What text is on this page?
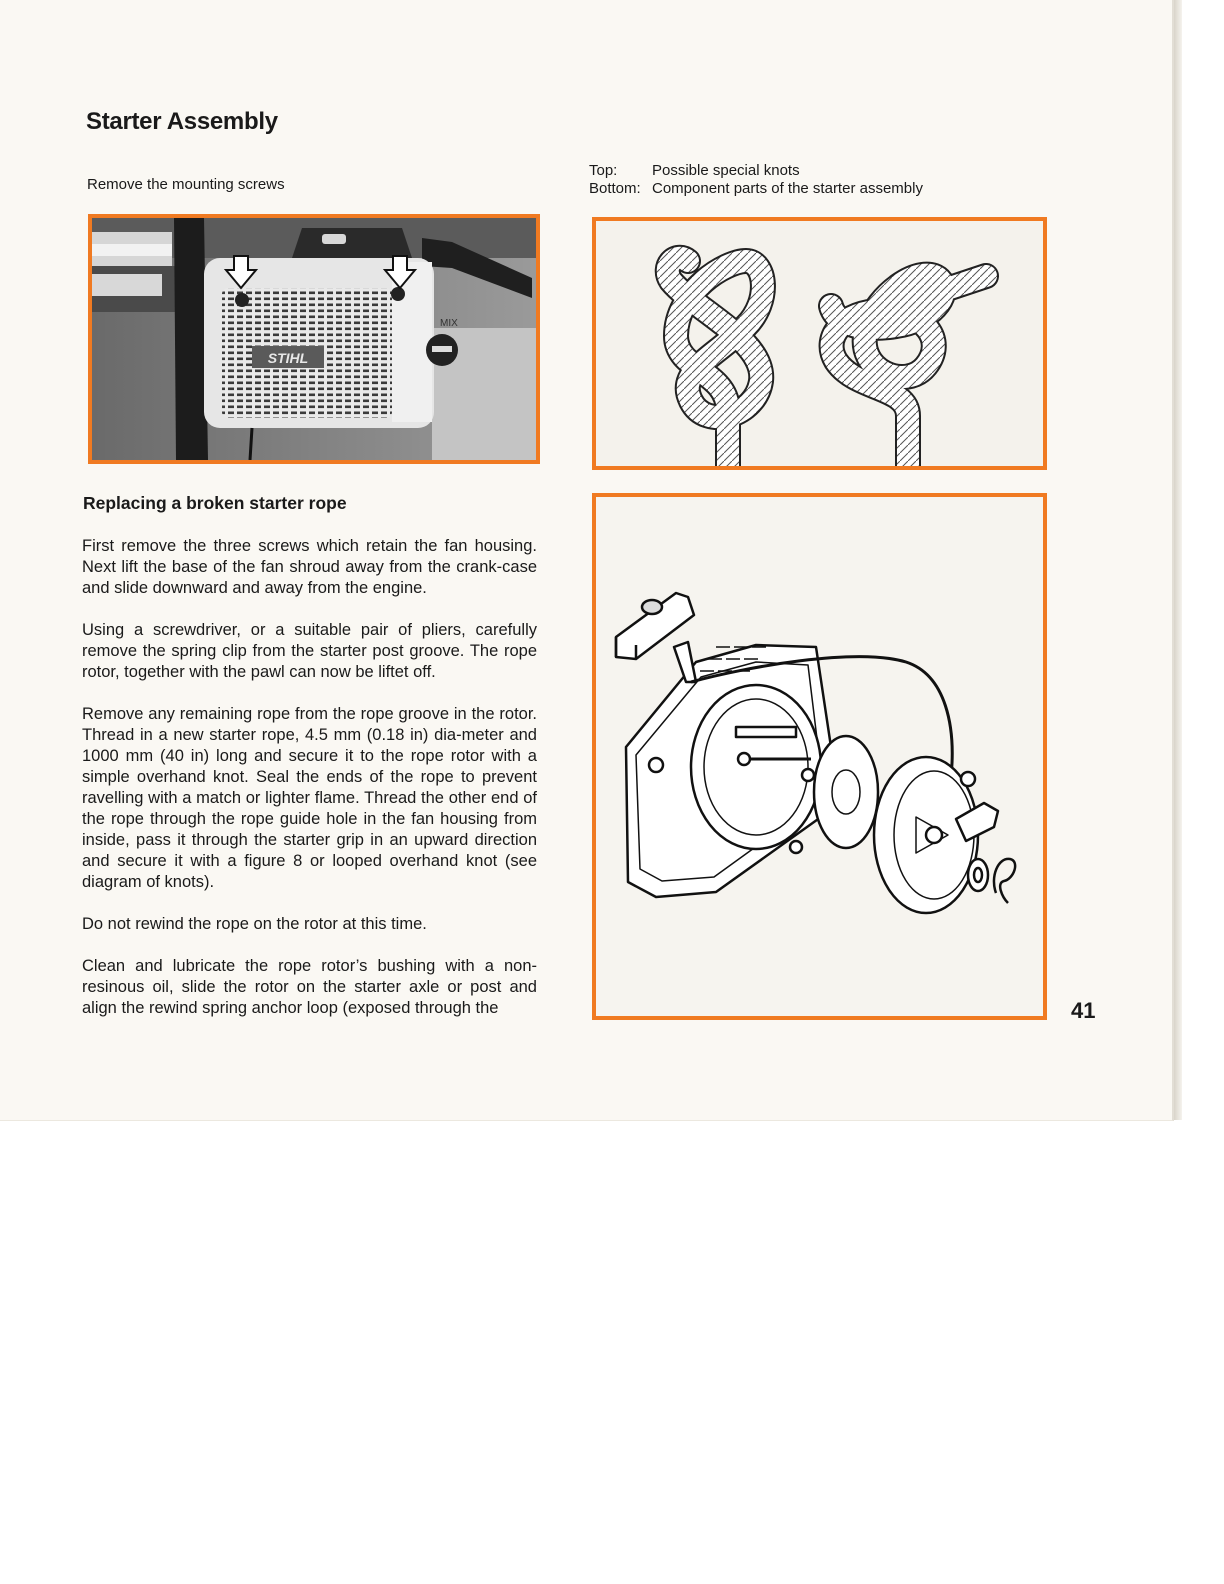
Starter Assembly

Remove the mounting screws

Top:	Possible special knots
Bottom: Component parts of the starter assembly
STIHL
MIX
Replacing a broken starter rope

First remove the three screws which retain the fan housing. Next lift the base of the fan shroud away from the crank-case and slide downward and away from the engine.

Using a screwdriver, or a suitable pair of pliers, carefully remove the spring clip from the starter post groove. The rope rotor, together with the pawl can now be liftet off.

Remove any remaining rope from the rope groove in the rotor. Thread in a new starter rope, 4.5 mm (0.18 in) dia-meter and 1000 mm (40 in) long and secure it to the rope rotor with a simple overhand knot. Seal the ends of the rope to prevent ravelling with a match or lighter flame. Thread the other end of the rope through the rope guide hole in the fan housing from inside, pass it through the starter grip in an upward direction and secure it with a figure 8 or looped overhand knot (see diagram of knots).

Do not rewind the rope on the rotor at this time.

Clean and lubricate the rope rotor’s bushing with a non-resinous oil, slide the rotor on the starter axle or post and align the rewind spring anchor loop (exposed through the	41
